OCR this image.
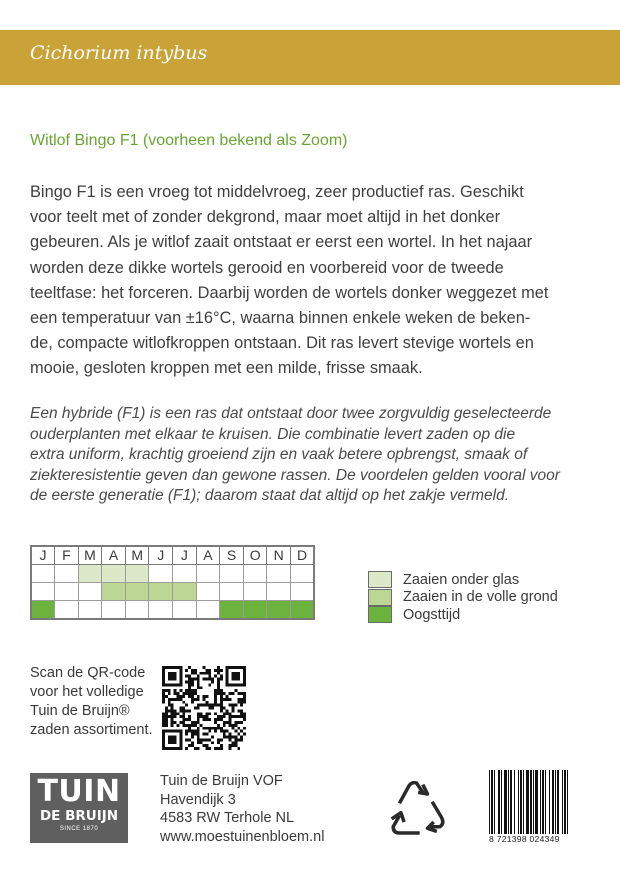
Cichorium intybus
Witlof Bingo F1 (voorheen bekend als Zoom)
Bingo F1 is een vroeg tot middelvroeg, zeer productief ras. Geschikt
voor teelt met of zonder dekgrond, maar moet altijd in het donker
gebeuren. Als je witlof zaait ontstaat er eerst een wortel. In het najaar
worden deze dikke wortels gerooid en voorbereid voor de tweede
teeltfase: het forceren. Daarbij worden de wortels donker weggezet met
een temperatuur van ±16°C, waarna binnen enkele weken de beken-
de, compacte witlofkroppen ontstaan. Dit ras levert stevige wortels en
mooie, gesloten kroppen met een milde, frisse smaak.
Een hybride (F1) is een ras dat ontstaat door twee zorgvuldig geselecteerde
ouderplanten met elkaar te kruisen. Die combinatie levert zaden op die
extra uniform, krachtig groeiend zijn en vaak betere opbrengst, smaak of
ziekteresistentie geven dan gewone rassen. De voordelen gelden vooral voor
de eerste generatie (F1); daarom staat dat altijd op het zakje vermeld.
J	F	M	A	M	J	J	A	S	O	N	D

Zaaien onder glas
Zaaien in de volle grond
Oogsttijd
Scan de QR-code
voor het volledige
Tuin de Bruijn®
zaden assortiment.
TUIN
DE BRUIJN
SINCE 1870
Tuin de Bruijn VOF
Havendijk 3
4583 RW Terhole NL
www.moestuinenbloem.nl	8 721398 024349
